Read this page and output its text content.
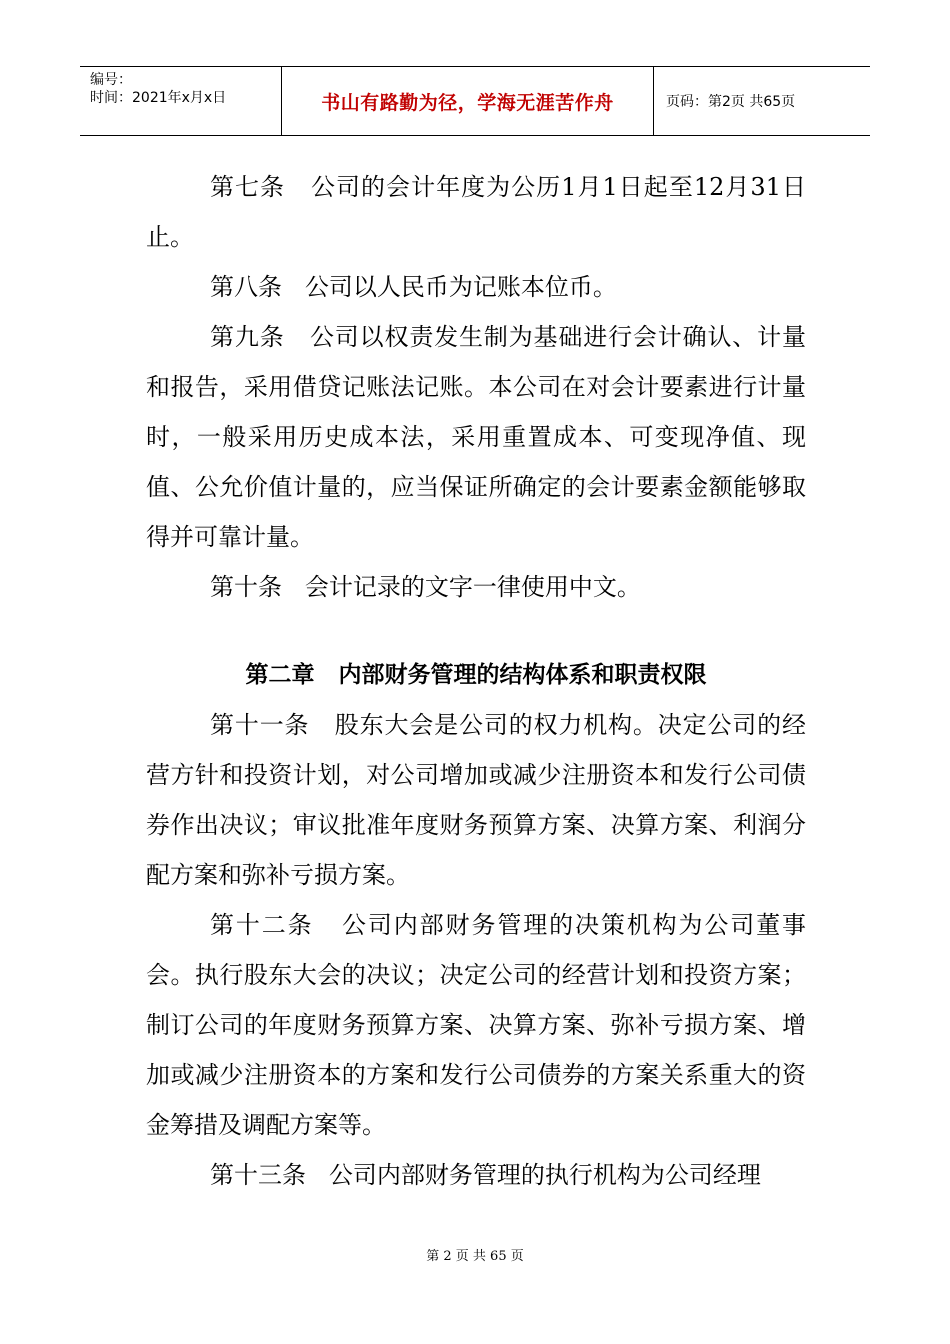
编号：
时间：2021年x月x日	书山有路勤为径，学海无涯苦作舟	页码：第2页 共65页

第七条   公司的会计年度为公历1月1日起至12月31日止。

第八条   公司以人民币为记账本位币。

第九条   公司以权责发生制为基础进行会计确认、计量和报告，采用借贷记账法记账。本公司在对会计要素进行计量时，一般采用历史成本法，采用重置成本、可变现净值、现值、公允价值计量的，应当保证所确定的会计要素金额能够取得并可靠计量。

第十条   会计记录的文字一律使用中文。

第二章   内部财务管理的结构体系和职责权限

第十一条   股东大会是公司的权力机构。决定公司的经营方针和投资计划，对公司增加或减少注册资本和发行公司债券作出决议；审议批准年度财务预算方案、决算方案、利润分配方案和弥补亏损方案。

第十二条   公司内部财务管理的决策机构为公司董事会。执行股东大会的决议；决定公司的经营计划和投资方案；制订公司的年度财务预算方案、决算方案、弥补亏损方案、增加或减少注册资本的方案和发行公司债券的方案关系重大的资金筹措及调配方案等。

第十三条   公司内部财务管理的执行机构为公司经理

第 2 页 共 65 页
